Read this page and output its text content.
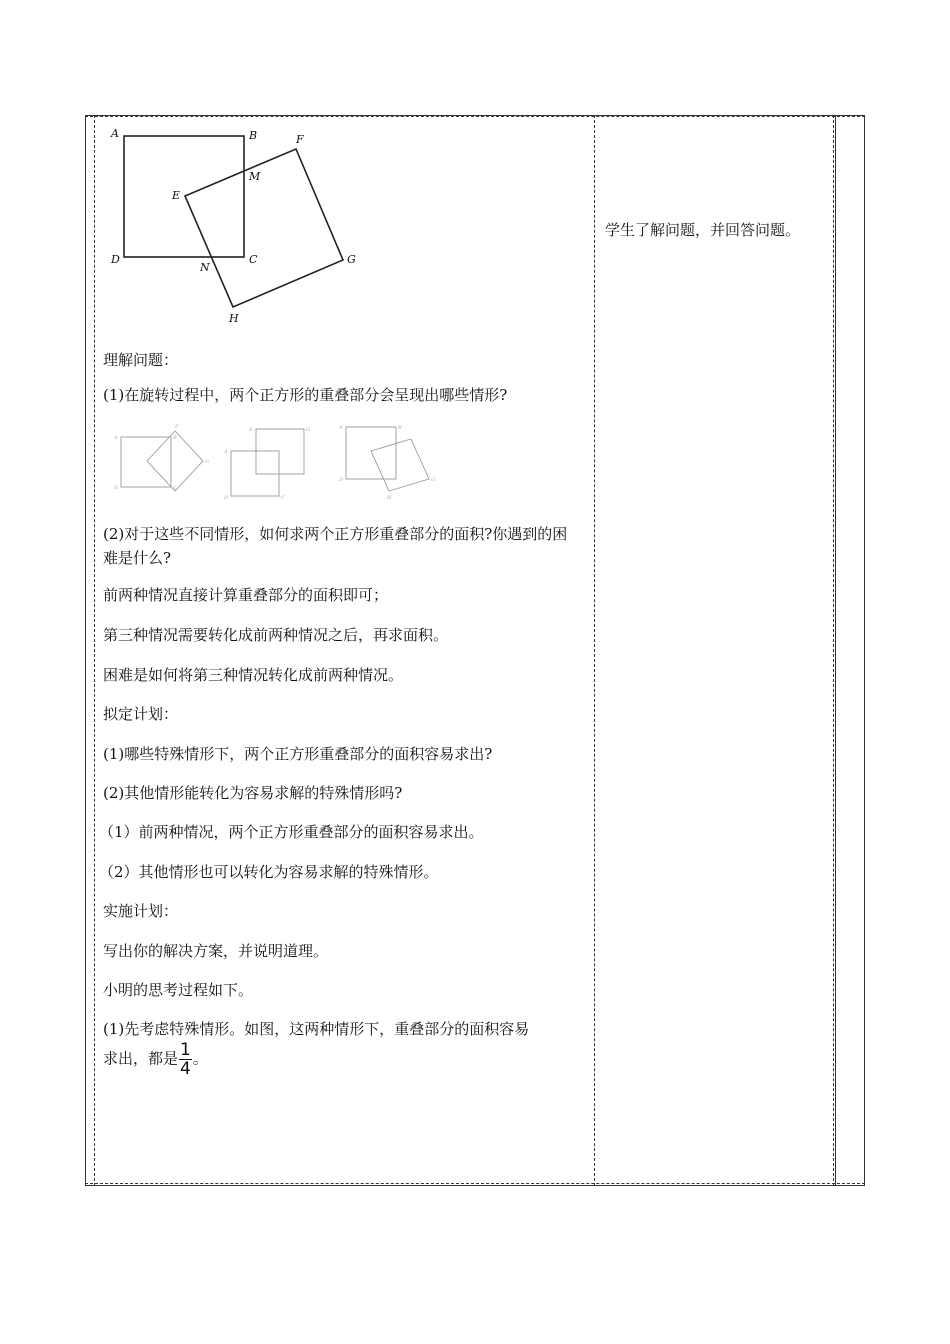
A	B
M
F
E
D
N
C	G
H
理解问题：
(1)在旋转过程中，两个正方形的重叠部分会呈现出哪些情形?
A	B
F
G
D	C
A
E	G
D	C
A	B
G
D
H
(2)对于这些不同情形，如何求两个正方形重叠部分的面积?你遇到的困难是什么?
前两种情况直接计算重叠部分的面积即可；
第三种情况需要转化成前两种情况之后，再求面积。
困难是如何将第三种情况转化成前两种情况。
拟定计划：
(1)哪些特殊情形下，两个正方形重叠部分的面积容易求出?
(2)其他情形能转化为容易求解的特殊情形吗?
（1）前两种情况，两个正方形重叠部分的面积容易求出。
（2）其他情形也可以转化为容易求解的特殊情形。
实施计划：
写出你的解决方案，并说明道理。
小明的思考过程如下。
(1)先考虑特殊情形。如图，这两种情形下，重叠部分的面积容易
求出，都是 $\frac{1}{4}$ 。
学生了解问题，并回答问题。
